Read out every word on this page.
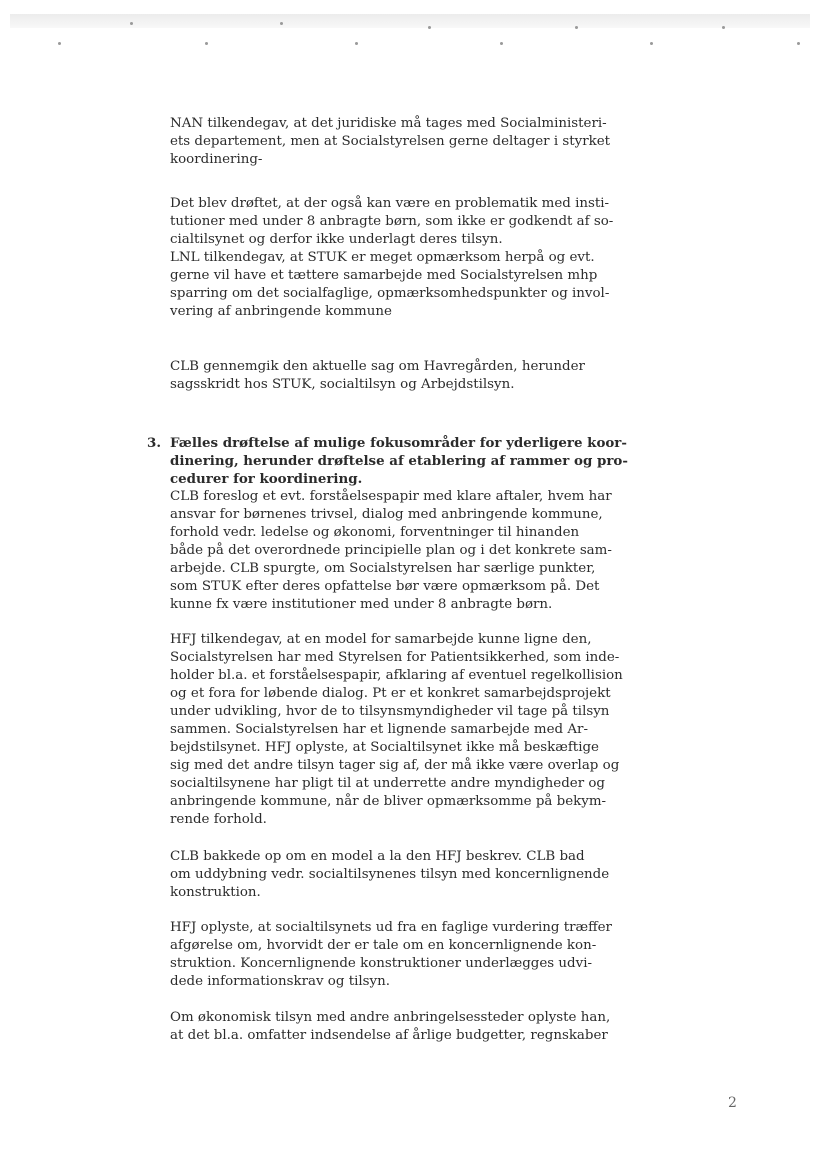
NAN tilkendegav, at det juridiske må tages med Socialministeri-
ets departement, men at Socialstyrelsen gerne deltager i styrket
koordinering-
Det blev drøftet, at der også kan være en problematik med insti-
tutioner med under 8 anbragte børn, som ikke er godkendt af so-
cialtilsynet og derfor ikke underlagt deres tilsyn.
LNL tilkendegav, at STUK er meget opmærksom herpå og evt.
gerne vil have et tættere samarbejde med Socialstyrelsen mhp
sparring om det socialfaglige, opmærksomhedspunkter og invol-
vering af anbringende kommune
CLB gennemgik den aktuelle sag om Havregården, herunder
sagsskridt hos STUK, socialtilsyn og Arbejdstilsyn.
3. Fælles drøftelse af mulige fokusområder for yderligere koor-
dinering, herunder drøftelse af etablering af rammer og pro-
cedurer for koordinering.
CLB foreslog et evt. forståelsespapir med klare aftaler, hvem har
ansvar for børnenes trivsel, dialog med anbringende kommune,
forhold vedr. ledelse og økonomi, forventninger til hinanden
både på det overordnede principielle plan og i det konkrete sam-
arbejde. CLB spurgte, om Socialstyrelsen har særlige punkter,
som STUK efter deres opfattelse bør være opmærksom på. Det
kunne fx være institutioner med under 8 anbragte børn.
HFJ tilkendegav, at en model for samarbejde kunne ligne den,
Socialstyrelsen har med Styrelsen for Patientsikkerhed, som inde-
holder bl.a. et forståelsespapir, afklaring af eventuel regelkollision
og et fora for løbende dialog. Pt er et konkret samarbejdsprojekt
under udvikling, hvor de to tilsynsmyndigheder vil tage på tilsyn
sammen. Socialstyrelsen har et lignende samarbejde med Ar-
bejdstilsynet. HFJ oplyste, at Socialtilsynet ikke må beskæftige
sig med det andre tilsyn tager sig af, der må ikke være overlap og
socialtilsynene har pligt til at underrette andre myndigheder og
anbringende kommune, når de bliver opmærksomme på bekym-
rende forhold.
CLB bakkede op om en model a la den HFJ beskrev. CLB bad
om uddybning vedr. socialtilsynenes tilsyn med koncernlignende
konstruktion.
HFJ oplyste, at socialtilsynets ud fra en faglige vurdering træffer
afgørelse om, hvorvidt der er tale om en koncernlignende kon-
struktion. Koncernlignende konstruktioner underlægges udvi-
dede informationskrav og tilsyn.
Om økonomisk tilsyn med andre anbringelsessteder oplyste han,
at det bl.a. omfatter indsendelse af årlige budgetter, regnskaber
2
